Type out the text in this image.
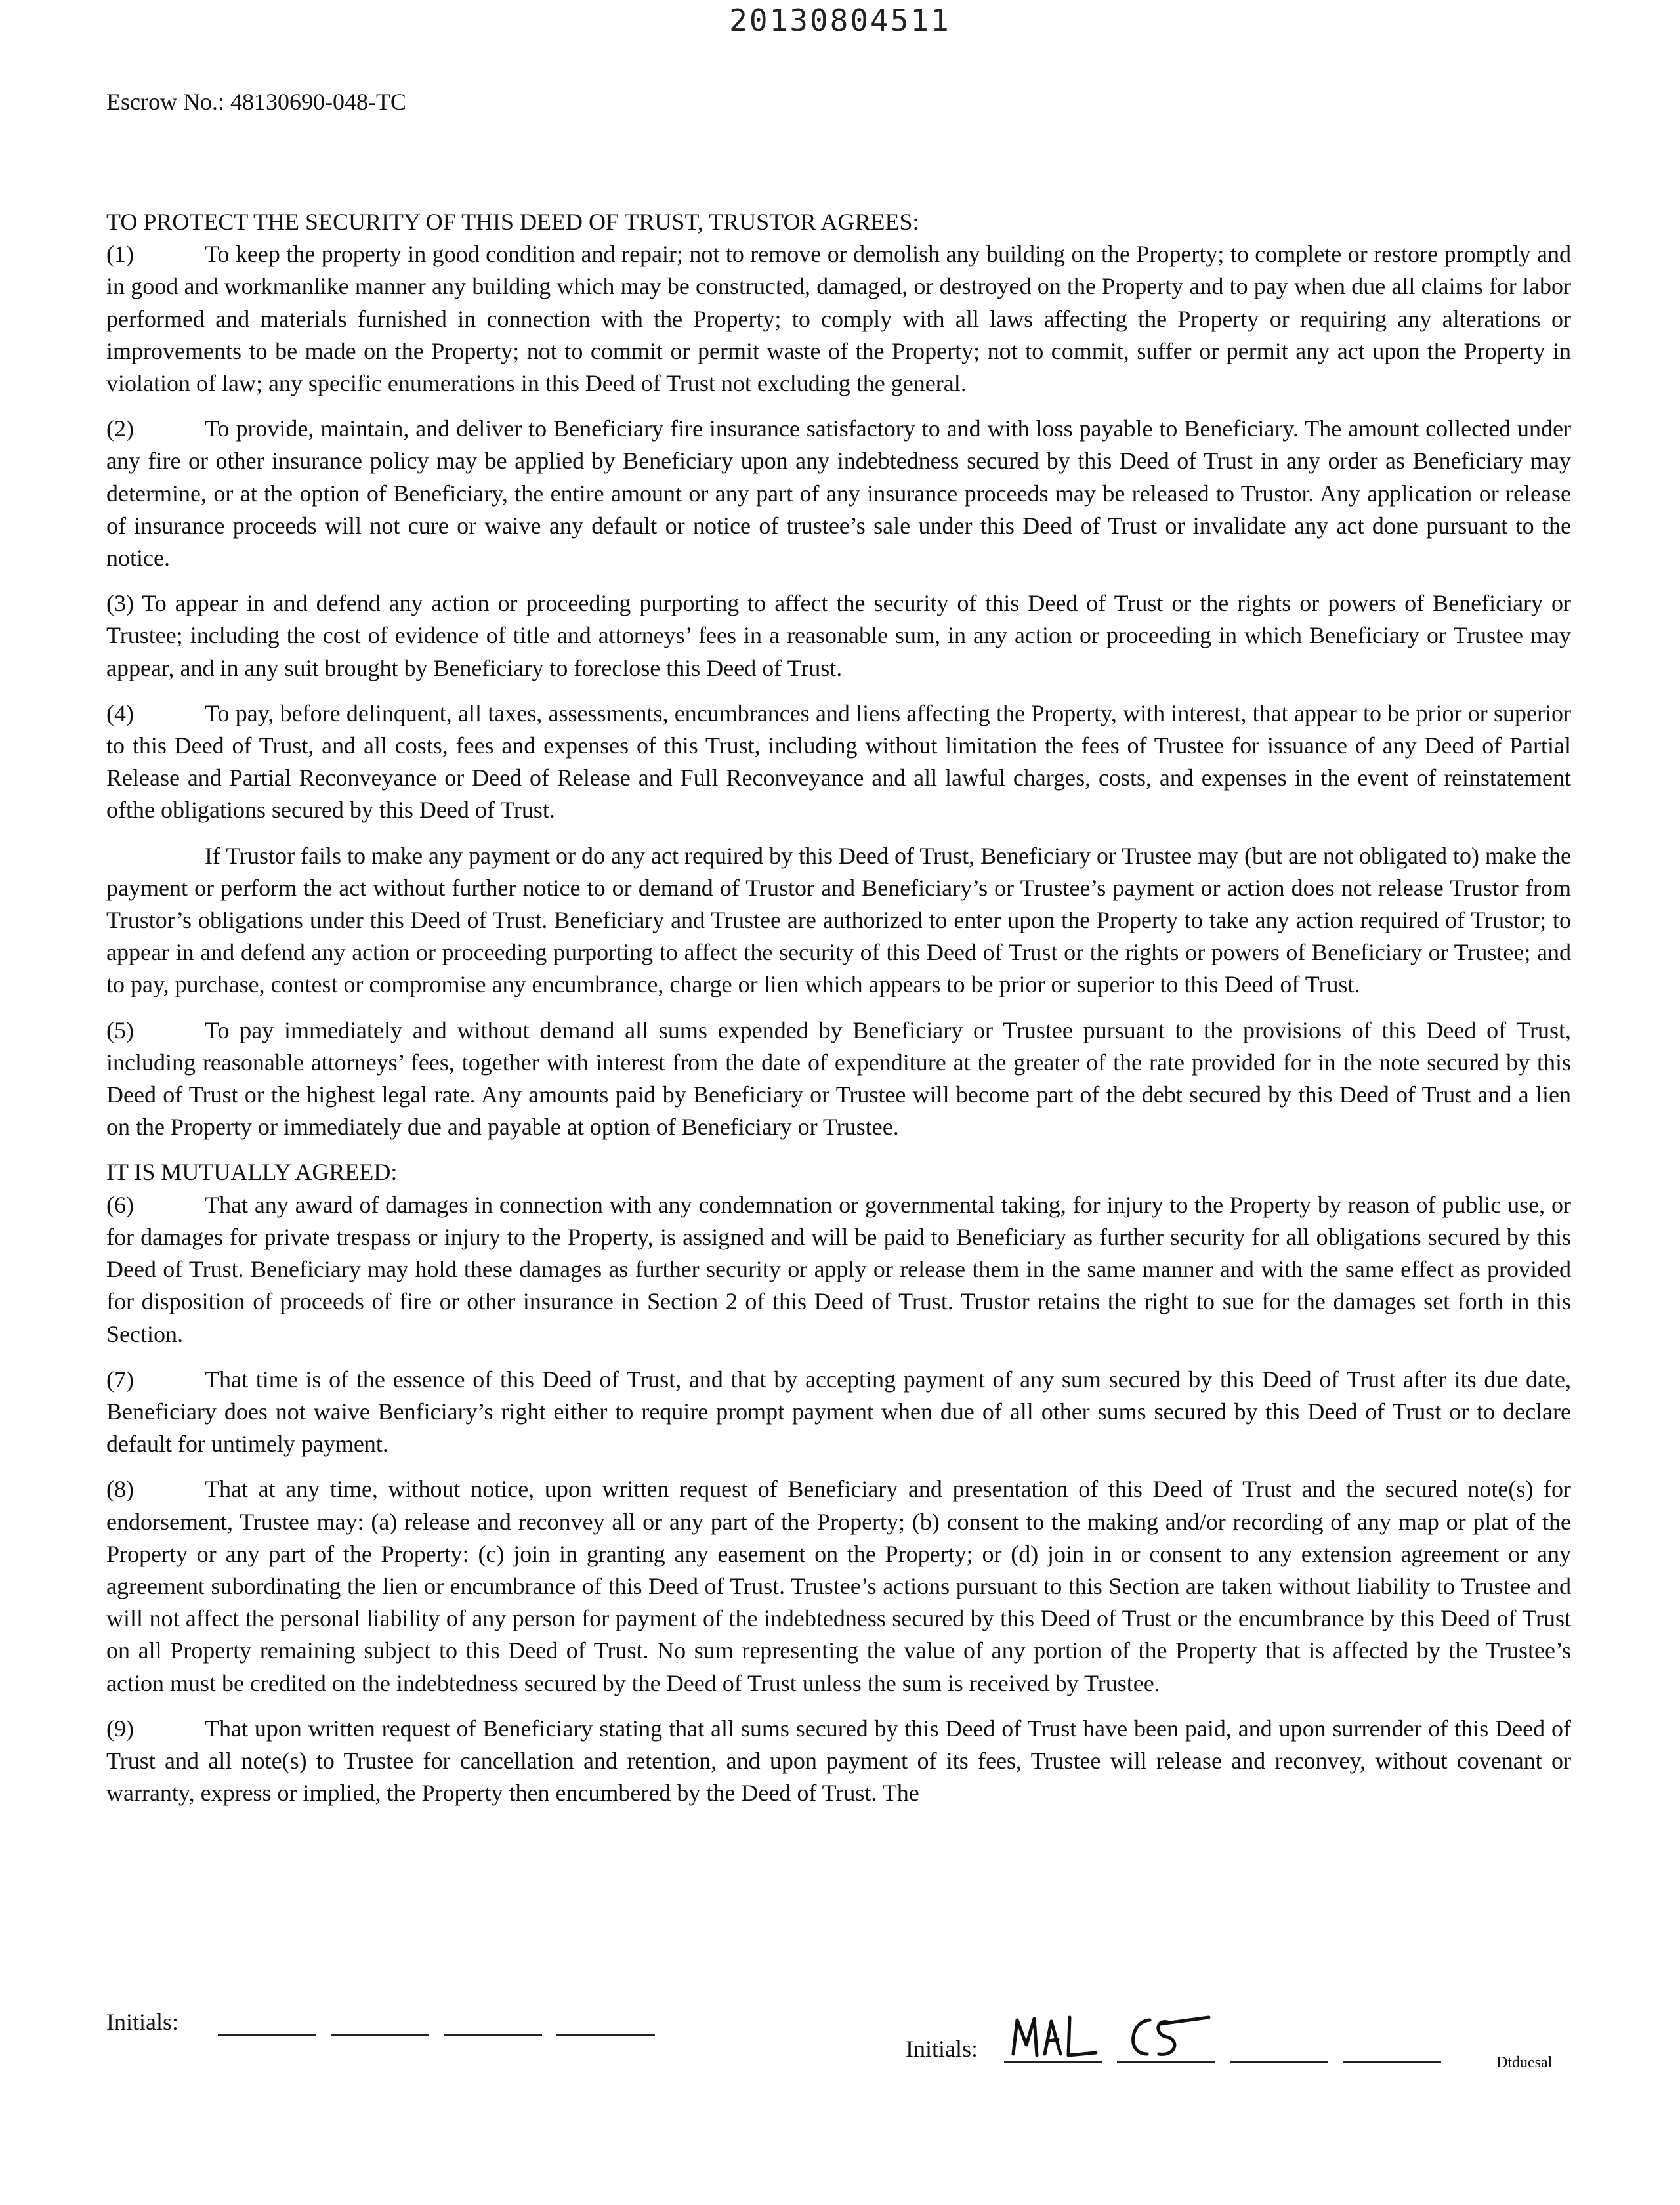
20130804511
Escrow No.: 48130690-048-TC
TO PROTECT THE SECURITY OF THIS DEED OF TRUST, TRUSTOR AGREES:

(1)	To keep the property in good condition and repair; not to remove or demolish any building on the Property; to complete or restore promptly and in good and workmanlike manner any building which may be constructed, damaged, or destroyed on the Property and to pay when due all claims for labor performed and materials furnished in connection with the Property; to comply with all laws affecting the Property or requiring any alterations or improvements to be made on the Property; not to commit or permit waste of the Property; not to commit, suffer or permit any act upon the Property in violation of law; any specific enumerations in this Deed of Trust not excluding the general.

(2)	To provide, maintain, and deliver to Beneficiary fire insurance satisfactory to and with loss payable to Beneficiary. The amount collected under any fire or other insurance policy may be applied by Beneficiary upon any indebtedness secured by this Deed of Trust in any order as Beneficiary may determine, or at the option of Beneficiary, the entire amount or any part of any insurance proceeds may be released to Trustor. Any application or release of insurance proceeds will not cure or waive any default or notice of trustee’s sale under this Deed of Trust or invalidate any act done pursuant to the notice.

(3) To appear in and defend any action or proceeding purporting to affect the security of this Deed of Trust or the rights or powers of Beneficiary or Trustee; including the cost of evidence of title and attorneys’ fees in a reasonable sum, in any action or proceeding in which Beneficiary or Trustee may appear, and in any suit brought by Beneficiary to foreclose this Deed of Trust.

(4)	To pay, before delinquent, all taxes, assessments, encumbrances and liens affecting the Property, with interest, that appear to be prior or superior to this Deed of Trust, and all costs, fees and expenses of this Trust, including without limitation the fees of Trustee for issuance of any Deed of Partial Release and Partial Reconveyance or Deed of Release and Full Reconveyance and all lawful charges, costs, and expenses in the event of reinstatement ofthe obligations secured by this Deed of Trust.

If Trustor fails to make any payment or do any act required by this Deed of Trust, Beneficiary or Trustee may (but are not obligated to) make the payment or perform the act without further notice to or demand of Trustor and Beneficiary’s or Trustee’s payment or action does not release Trustor from Trustor’s obligations under this Deed of Trust. Beneficiary and Trustee are authorized to enter upon the Property to take any action required of Trustor; to appear in and defend any action or proceeding purporting to affect the security of this Deed of Trust or the rights or powers of Beneficiary or Trustee; and to pay, purchase, contest or compromise any encumbrance, charge or lien which appears to be prior or superior to this Deed of Trust.

(5)	To pay immediately and without demand all sums expended by Beneficiary or Trustee pursuant to the provisions of this Deed of Trust, including reasonable attorneys’ fees, together with interest from the date of expenditure at the greater of the rate provided for in the note secured by this Deed of Trust or the highest legal rate. Any amounts paid by Beneficiary or Trustee will become part of the debt secured by this Deed of Trust and a lien on the Property or immediately due and payable at option of Beneficiary or Trustee.

IT IS MUTUALLY AGREED:

(6)	That any award of damages in connection with any condemnation or governmental taking, for injury to the Property by reason of public use, or for damages for private trespass or injury to the Property, is assigned and will be paid to Beneficiary as further security for all obligations secured by this Deed of Trust. Beneficiary may hold these damages as further security or apply or release them in the same manner and with the same effect as provided for disposition of proceeds of fire or other insurance in Section 2 of this Deed of Trust. Trustor retains the right to sue for the damages set forth in this Section.

(7)	That time is of the essence of this Deed of Trust, and that by accepting payment of any sum secured by this Deed of Trust after its due date, Beneficiary does not waive Benficiary’s right either to require prompt payment when due of all other sums secured by this Deed of Trust or to declare default for untimely payment.

(8)	That at any time, without notice, upon written request of Beneficiary and presentation of this Deed of Trust and the secured note(s) for endorsement, Trustee may: (a) release and reconvey all or any part of the Property; (b) consent to the making and/or recording of any map or plat of the Property or any part of the Property: (c) join in granting any easement on the Property; or (d) join in or consent to any extension agreement or any agreement subordinating the lien or encumbrance of this Deed of Trust. Trustee’s actions pursuant to this Section are taken without liability to Trustee and will not affect the personal liability of any person for payment of the indebtedness secured by this Deed of Trust or the encumbrance by this Deed of Trust on all Property remaining subject to this Deed of Trust. No sum representing the value of any portion of the Property that is affected by the Trustee’s action must be credited on the indebtedness secured by the Deed of Trust unless the sum is received by Trustee.

(9)	That upon written request of Beneficiary stating that all sums secured by this Deed of Trust have been paid, and upon surrender of this Deed of Trust and all note(s) to Trustee for cancellation and retention, and upon payment of its fees, Trustee will release and reconvey, without covenant or warranty, express or implied, the Property then encumbered by the Deed of Trust. The

Initials:
Initials:
Dtduesal
